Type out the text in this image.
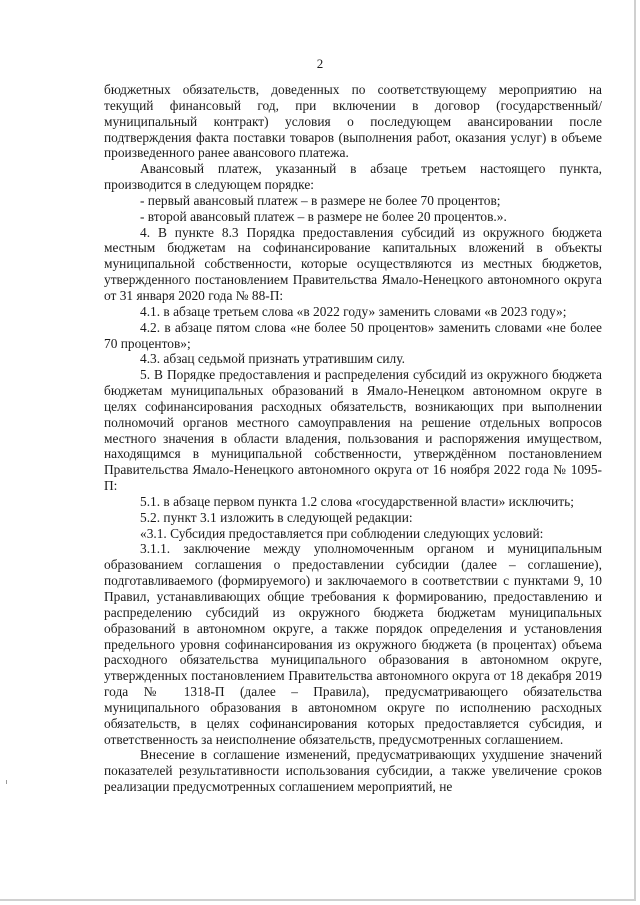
2

бюджетных обязательств, доведенных по соответствующему мероприятию на текущий финансовый год, при включении в договор (государственный/муниципальный контракт) условия о последующем авансировании после подтверждения факта поставки товаров (выполнения работ, оказания услуг) в объеме произведенного ранее авансового платежа.

Авансовый платеж, указанный в абзаце третьем настоящего пункта, производится в следующем порядке:

- первый авансовый платеж – в размере не более 70 процентов;

- второй авансовый платеж – в размере не более 20 процентов.».

4. В пункте 8.3 Порядка предоставления субсидий из окружного бюджета местным бюджетам на софинансирование капитальных вложений в объекты муниципальной собственности, которые осуществляются из местных бюджетов, утвержденного постановлением Правительства Ямало-Ненецкого автономного округа от 31 января 2020 года № 88-П:

4.1. в абзаце третьем слова «в 2022 году» заменить словами «в 2023 году»;

4.2. в абзаце пятом слова «не более 50 процентов» заменить словами «не более 70 процентов»;

4.3. абзац седьмой признать утратившим силу.

5. В Порядке предоставления и распределения субсидий из окружного бюджета бюджетам муниципальных образований в Ямало-Ненецком автономном округе в целях софинансирования расходных обязательств, возникающих при выполнении полномочий органов местного самоуправления на решение отдельных вопросов местного значения в области владения, пользования и распоряжения имуществом, находящимся в муниципальной собственности, утверждённом постановлением Правительства Ямало-Ненецкого автономного округа от 16 ноября 2022 года № 1095-П:

5.1. в абзаце первом пункта 1.2 слова «государственной власти» исключить;

5.2. пункт 3.1 изложить в следующей редакции:

«3.1. Субсидия предоставляется при соблюдении следующих условий:

3.1.1. заключение между уполномоченным органом и муниципальным образованием соглашения о предоставлении субсидии (далее – соглашение), подготавливаемого (формируемого) и заключаемого в соответствии с пунктами 9, 10 Правил, устанавливающих общие требования к формированию, предоставлению и распределению субсидий из окружного бюджета бюджетам муниципальных образований в автономном округе, а также порядок определения и установления предельного уровня софинансирования из окружного бюджета (в процентах) объема расходного обязательства муниципального образования в автономном округе, утвержденных постановлением Правительства автономного округа от 18 декабря 2019 года № 1318-П (далее – Правила), предусматривающего обязательства муниципального образования в автономном округе по исполнению расходных обязательств, в целях софинансирования которых предоставляется субсидия, и ответственность за неисполнение обязательств, предусмотренных соглашением.

Внесение в соглашение изменений, предусматривающих ухудшение значений показателей результативности использования субсидии, а также увеличение сроков реализации предусмотренных соглашением мероприятий, не
